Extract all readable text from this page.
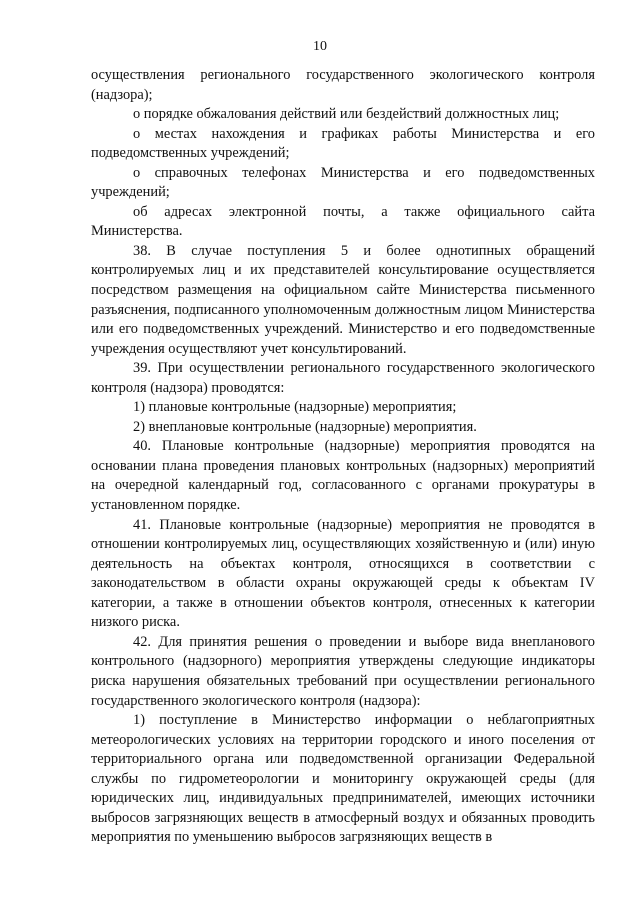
10

осуществления регионального государственного экологического контроля (надзора);

о порядке обжалования действий или бездействий должностных лиц;

о местах нахождения и графиках работы Министерства и его подведомственных учреждений;

о справочных телефонах Министерства и его подведомственных учреждений;

об адресах электронной почты, а также официального сайта Министерства.

38. В случае поступления 5 и более однотипных обращений контролируемых лиц и их представителей консультирование осуществляется посредством размещения на официальном сайте Министерства письменного разъяснения, подписанного уполномоченным должностным лицом Министерства или его подведомственных учреждений. Министерство и его подведомственные учреждения осуществляют учет консультирований.

39. При осуществлении регионального государственного экологического контроля (надзора) проводятся:

1) плановые контрольные (надзорные) мероприятия;

2) внеплановые контрольные (надзорные) мероприятия.

40. Плановые контрольные (надзорные) мероприятия проводятся на основании плана проведения плановых контрольных (надзорных) мероприятий на очередной календарный год, согласованного с органами прокуратуры в установленном порядке.

41. Плановые контрольные (надзорные) мероприятия не проводятся в отношении контролируемых лиц, осуществляющих хозяйственную и (или) иную деятельность на объектах контроля, относящихся в соответствии с законодательством в области охраны окружающей среды к объектам IV категории, а также в отношении объектов контроля, отнесенных к категории низкого риска.

42. Для принятия решения о проведении и выборе вида внепланового контрольного (надзорного) мероприятия утверждены следующие индикаторы риска нарушения обязательных требований при осуществлении регионального государственного экологического контроля (надзора):

1) поступление в Министерство информации о неблагоприятных метеорологических условиях на территории городского и иного поселения от территориального органа или подведомственной организации Федеральной службы по гидрометеорологии и мониторингу окружающей среды (для юридических лиц, индивидуальных предпринимателей, имеющих источники выбросов загрязняющих веществ в атмосферный воздух и обязанных проводить мероприятия по уменьшению выбросов загрязняющих веществ в
